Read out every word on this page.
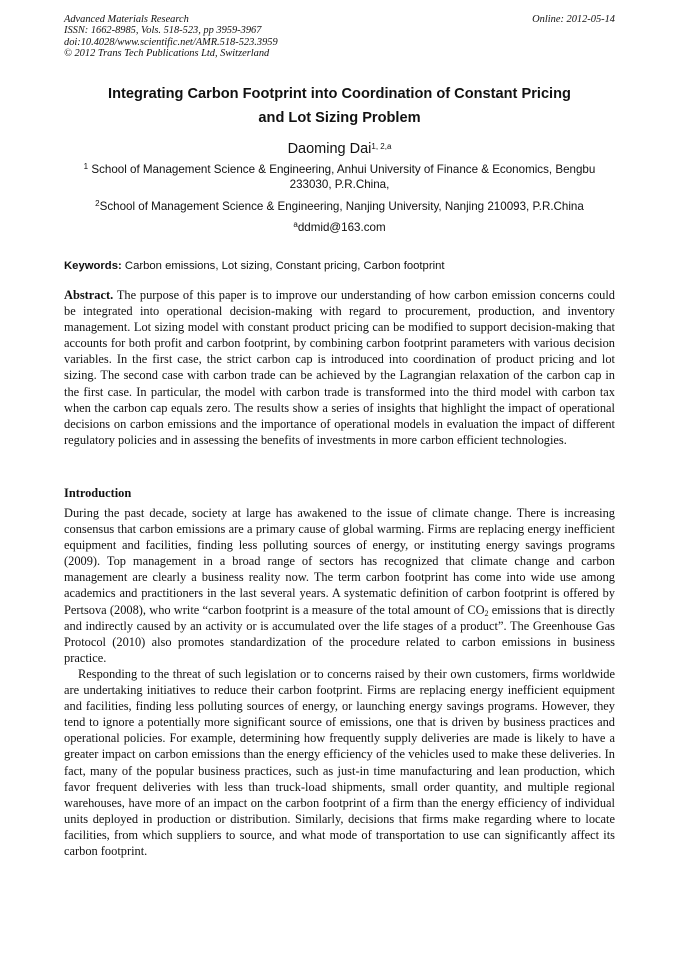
Advanced Materials Research
ISSN: 1662-8985, Vols. 518-523, pp 3959-3967
doi:10.4028/www.scientific.net/AMR.518-523.3959
© 2012 Trans Tech Publications Ltd, Switzerland
Online: 2012-05-14
Integrating Carbon Footprint into Coordination of Constant Pricing
and Lot Sizing Problem
Daoming Dai$^{1, 2,a}$
$^1$ School of Management Science & Engineering, Anhui University of Finance & Economics, Bengbu 233030, P.R.China,
$^2$School of Management Science & Engineering, Nanjing University, Nanjing 210093, P.R.China
$^a$ddmid@163.com
Keywords: Carbon emissions, Lot sizing, Constant pricing, Carbon footprint
Abstract. The purpose of this paper is to improve our understanding of how carbon emission concerns could be integrated into operational decision-making with regard to procurement, production, and inventory management. Lot sizing model with constant product pricing can be modified to support decision-making that accounts for both profit and carbon footprint, by combining carbon footprint parameters with various decision variables. In the first case, the strict carbon cap is introduced into coordination of product pricing and lot sizing. The second case with carbon trade can be achieved by the Lagrangian relaxation of the carbon cap in the first case. In particular, the model with carbon trade is transformed into the third model with carbon tax when the carbon cap equals zero. The results show a series of insights that highlight the impact of operational decisions on carbon emissions and the importance of operational models in evaluation the impact of different regulatory policies and in assessing the benefits of investments in more carbon efficient technologies.
Introduction

During the past decade, society at large has awakened to the issue of climate change. There is increasing consensus that carbon emissions are a primary cause of global warming. Firms are replacing energy inefficient equipment and facilities, finding less polluting sources of energy, or instituting energy savings programs (2009). Top management in a broad range of sectors has recognized that climate change and carbon management are clearly a business reality now. The term carbon footprint has come into wide use among academics and practitioners in the last several years. A systematic definition of carbon footprint is offered by Pertsova (2008), who write “carbon footprint is a measure of the total amount of $CO_2$ emissions that is directly and indirectly caused by an activity or is accumulated over the life stages of a product”. The Greenhouse Gas Protocol (2010) also promotes standardization of the procedure related to carbon emissions in business practice.

Responding to the threat of such legislation or to concerns raised by their own customers, firms worldwide are undertaking initiatives to reduce their carbon footprint. Firms are replacing energy inefficient equipment and facilities, finding less polluting sources of energy, or launching energy savings programs. However, they tend to ignore a potentially more significant source of emissions, one that is driven by business practices and operational policies. For example, determining how frequently supply deliveries are made is likely to have a greater impact on carbon emissions than the energy efficiency of the vehicles used to make these deliveries. In fact, many of the popular business practices, such as just-in time manufacturing and lean production, which favor frequent deliveries with less than truck-load shipments, small order quantity, and multiple regional warehouses, have more of an impact on the carbon footprint of a firm than the energy efficiency of individual units deployed in production or distribution. Similarly, decisions that firms make regarding where to locate facilities, from which suppliers to source, and what mode of transportation to use can significantly affect its carbon footprint.
